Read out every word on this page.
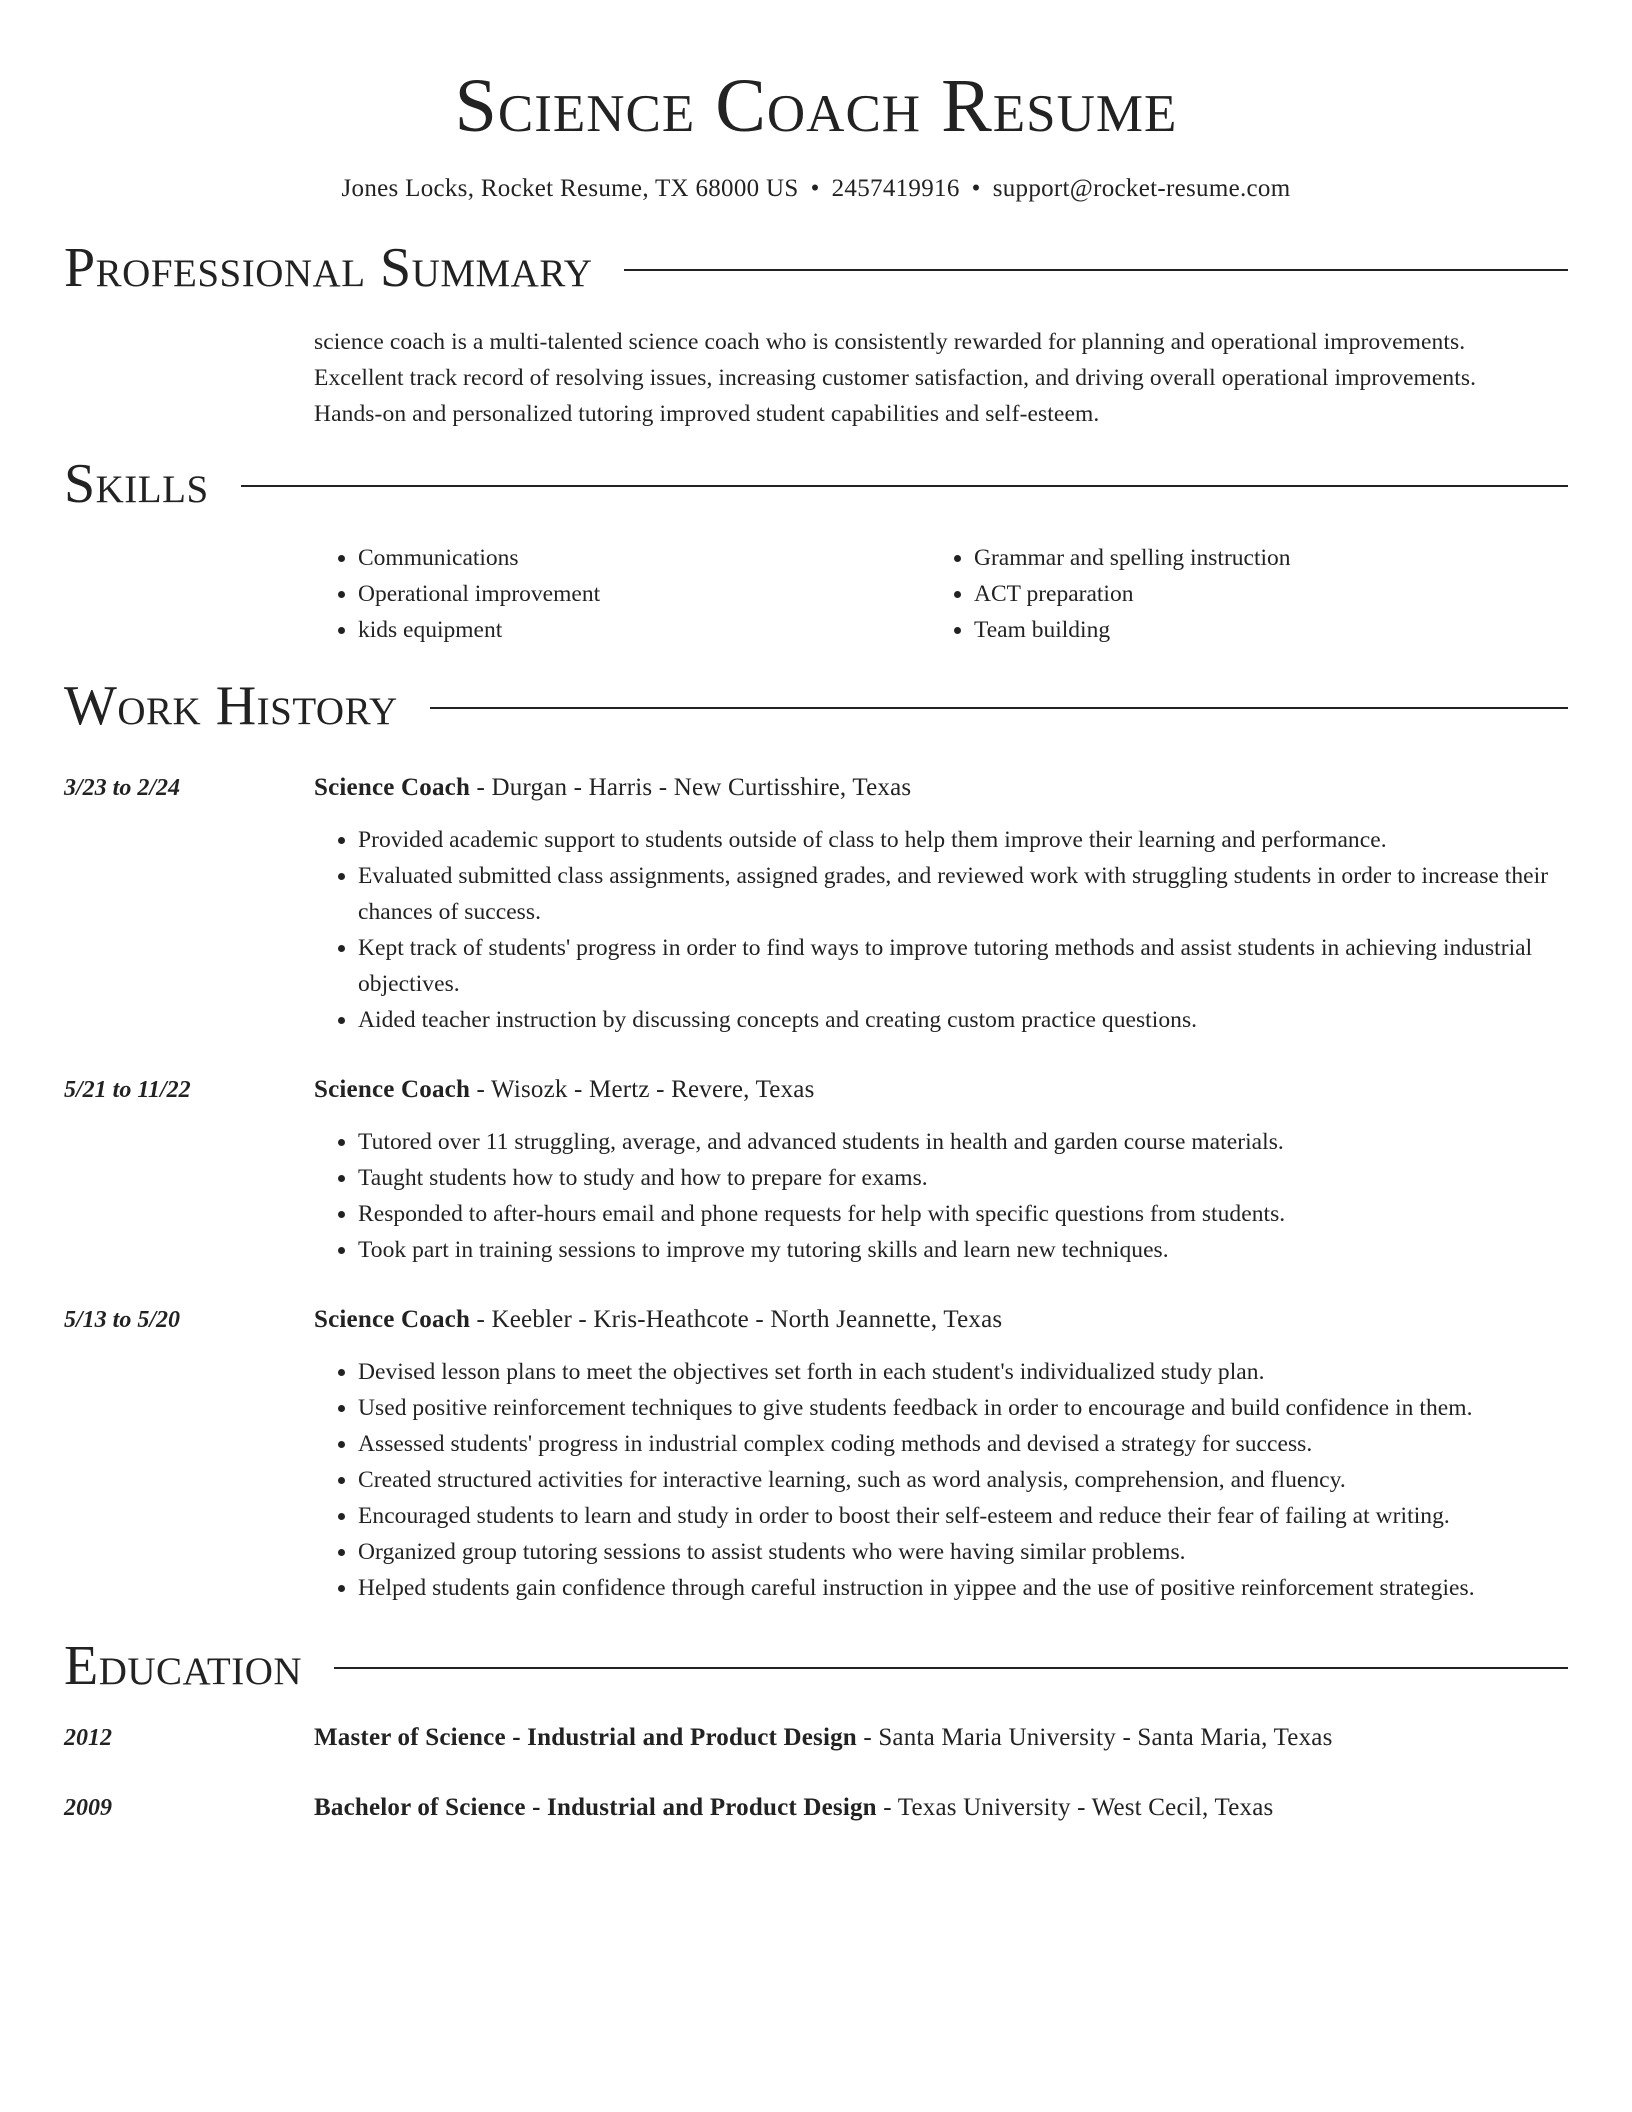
Science Coach Resume
Jones Locks, Rocket Resume, TX 68000 US • 2457419916 • support@rocket-resume.com
Professional Summary
science coach is a multi-talented science coach who is consistently rewarded for planning and operational improvements.
Excellent track record of resolving issues, increasing customer satisfaction, and driving overall operational improvements.
Hands-on and personalized tutoring improved student capabilities and self-esteem.
Skills
• Communications
• Operational improvement
• kids equipment
• Grammar and spelling instruction
• ACT preparation
• Team building
Work History
3/23 to 2/24	Science Coach - Durgan - Harris - New Curtisshire, Texas
• Provided academic support to students outside of class to help them improve their learning and performance.
• Evaluated submitted class assignments, assigned grades, and reviewed work with struggling students in order to increase their chances of success.
• Kept track of students' progress in order to find ways to improve tutoring methods and assist students in achieving industrial objectives.
• Aided teacher instruction by discussing concepts and creating custom practice questions.
5/21 to 11/22	Science Coach - Wisozk - Mertz - Revere, Texas
• Tutored over 11 struggling, average, and advanced students in health and garden course materials.
• Taught students how to study and how to prepare for exams.
• Responded to after-hours email and phone requests for help with specific questions from students.
• Took part in training sessions to improve my tutoring skills and learn new techniques.
5/13 to 5/20	Science Coach - Keebler - Kris-Heathcote - North Jeannette, Texas
• Devised lesson plans to meet the objectives set forth in each student's individualized study plan.
• Used positive reinforcement techniques to give students feedback in order to encourage and build confidence in them.
• Assessed students' progress in industrial complex coding methods and devised a strategy for success.
• Created structured activities for interactive learning, such as word analysis, comprehension, and fluency.
• Encouraged students to learn and study in order to boost their self-esteem and reduce their fear of failing at writing.
• Organized group tutoring sessions to assist students who were having similar problems.
• Helped students gain confidence through careful instruction in yippee and the use of positive reinforcement strategies.
Education
2012	Master of Science - Industrial and Product Design - Santa Maria University - Santa Maria, Texas
2009	Bachelor of Science - Industrial and Product Design - Texas University - West Cecil, Texas
